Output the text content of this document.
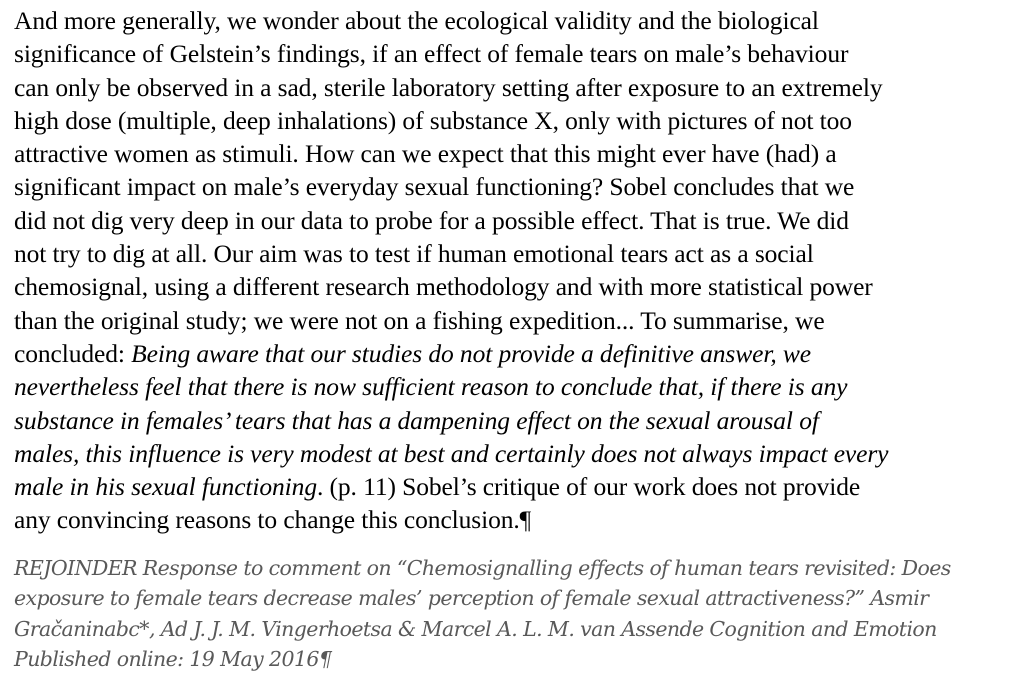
And more generally, we wonder about the ecological validity and the biological
significance of Gelstein’s findings, if an effect of female tears on male’s behaviour
can only be observed in a sad, sterile laboratory setting after exposure to an extremely
high dose (multiple, deep inhalations) of substance X, only with pictures of not too
attractive women as stimuli. How can we expect that this might ever have (had) a
significant impact on male’s everyday sexual functioning? Sobel concludes that we
did not dig very deep in our data to probe for a possible effect. That is true. We did
not try to dig at all. Our aim was to test if human emotional tears act as a social
chemosignal, using a different research methodology and with more statistical power
than the original study; we were not on a fishing expedition... To summarise, we
concluded: Being aware that our studies do not provide a definitive answer, we
nevertheless feel that there is now sufficient reason to conclude that, if there is any
substance in females’ tears that has a dampening effect on the sexual arousal of
males, this influence is very modest at best and certainly does not always impact every
male in his sexual functioning. (p. 11) Sobel’s critique of our work does not provide
any convincing reasons to change this conclusion.¶

REJOINDER Response to comment on “Chemosignalling effects of human tears revisited: Does
exposure to female tears decrease males’ perception of female sexual attractiveness?” Asmir
Gračaninabc*, Ad J. J. M. Vingerhoetsa & Marcel A. L. M. van Assende Cognition and Emotion
Published online: 19 May 2016¶
